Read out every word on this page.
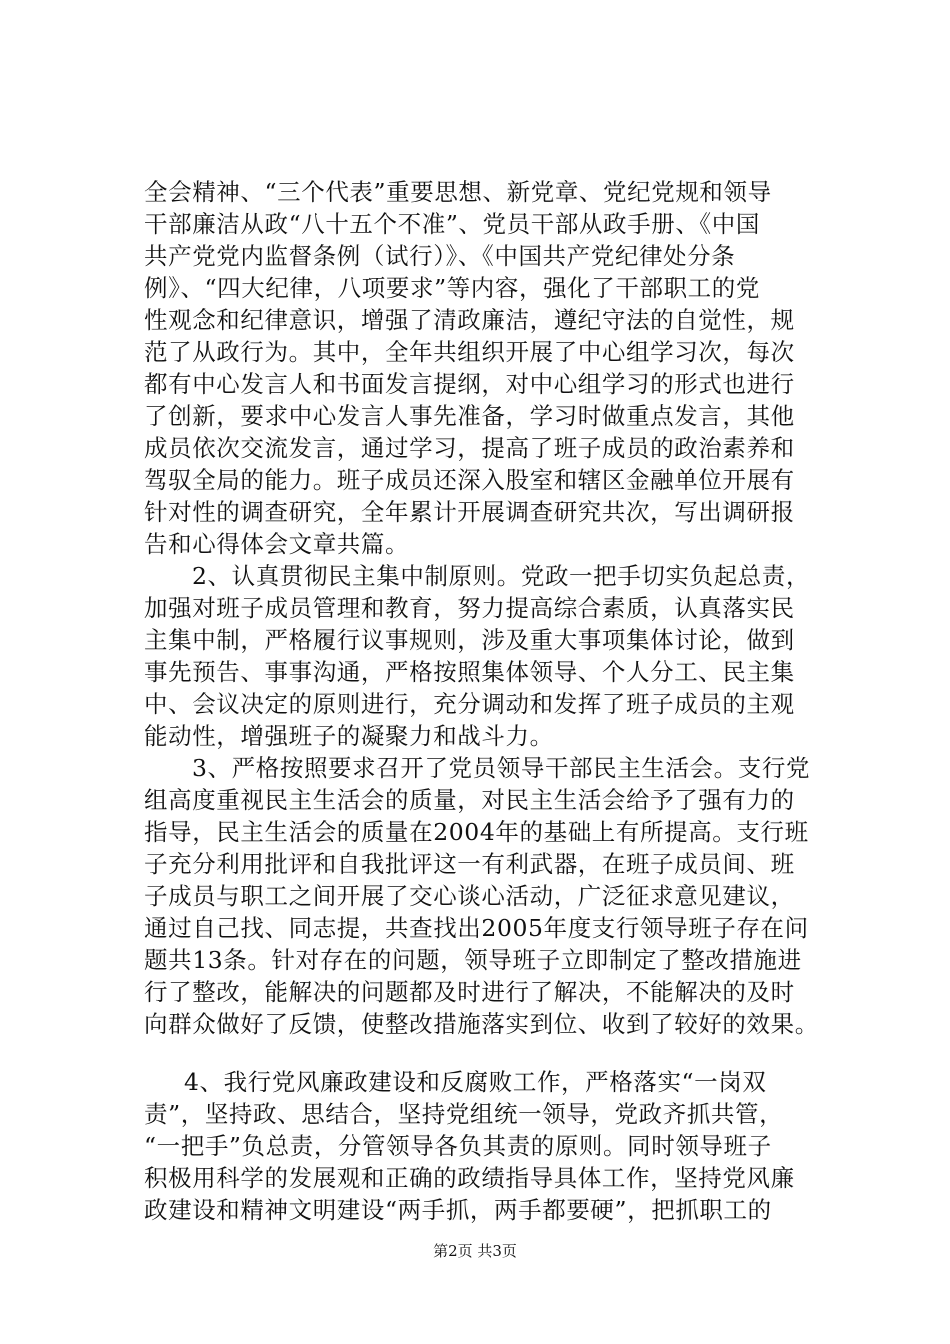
全会精神、“三个代表”重要思想、新党章、党纪党规和领导
干部廉洁从政“八十五个不准”、党员干部从政手册、《中国
共产党党内监督条例（试行）》、《中国共产党纪律处分条
例》、“四大纪律，八项要求”等内容，强化了干部职工的党
性观念和纪律意识，增强了清政廉洁，遵纪守法的自觉性，规
范了从政行为。其中，全年共组织开展了中心组学习次，每次
都有中心发言人和书面发言提纲，对中心组学习的形式也进行
了创新，要求中心发言人事先准备，学习时做重点发言，其他
成员依次交流发言，通过学习，提高了班子成员的政治素养和
驾驭全局的能力。班子成员还深入股室和辖区金融单位开展有
针对性的调查研究，全年累计开展调查研究共次，写出调研报
告和心得体会文章共篇。
2、认真贯彻民主集中制原则。党政一把手切实负起总责，
加强对班子成员管理和教育，努力提高综合素质，认真落实民
主集中制，严格履行议事规则，涉及重大事项集体讨论，做到
事先预告、事事沟通，严格按照集体领导、个人分工、民主集
中、会议决定的原则进行，充分调动和发挥了班子成员的主观
能动性，增强班子的凝聚力和战斗力。
3、严格按照要求召开了党员领导干部民主生活会。支行党
组高度重视民主生活会的质量，对民主生活会给予了强有力的
指导，民主生活会的质量在2004年的基础上有所提高。支行班
子充分利用批评和自我批评这一有利武器，在班子成员间、班
子成员与职工之间开展了交心谈心活动，广泛征求意见建议，
通过自己找、同志提，共查找出2005年度支行领导班子存在问
题共13条。针对存在的问题，领导班子立即制定了整改措施进
行了整改，能解决的问题都及时进行了解决，不能解决的及时
向群众做好了反馈，使整改措施落实到位、收到了较好的效果。
4、我行党风廉政建设和反腐败工作，严格落实“一岗双
责”，坚持政、思结合，坚持党组统一领导，党政齐抓共管，
“一把手”负总责，分管领导各负其责的原则。同时领导班子
积极用科学的发展观和正确的政绩指导具体工作，坚持党风廉
政建设和精神文明建设“两手抓，两手都要硬”，把抓职工的
第2页 共3页
